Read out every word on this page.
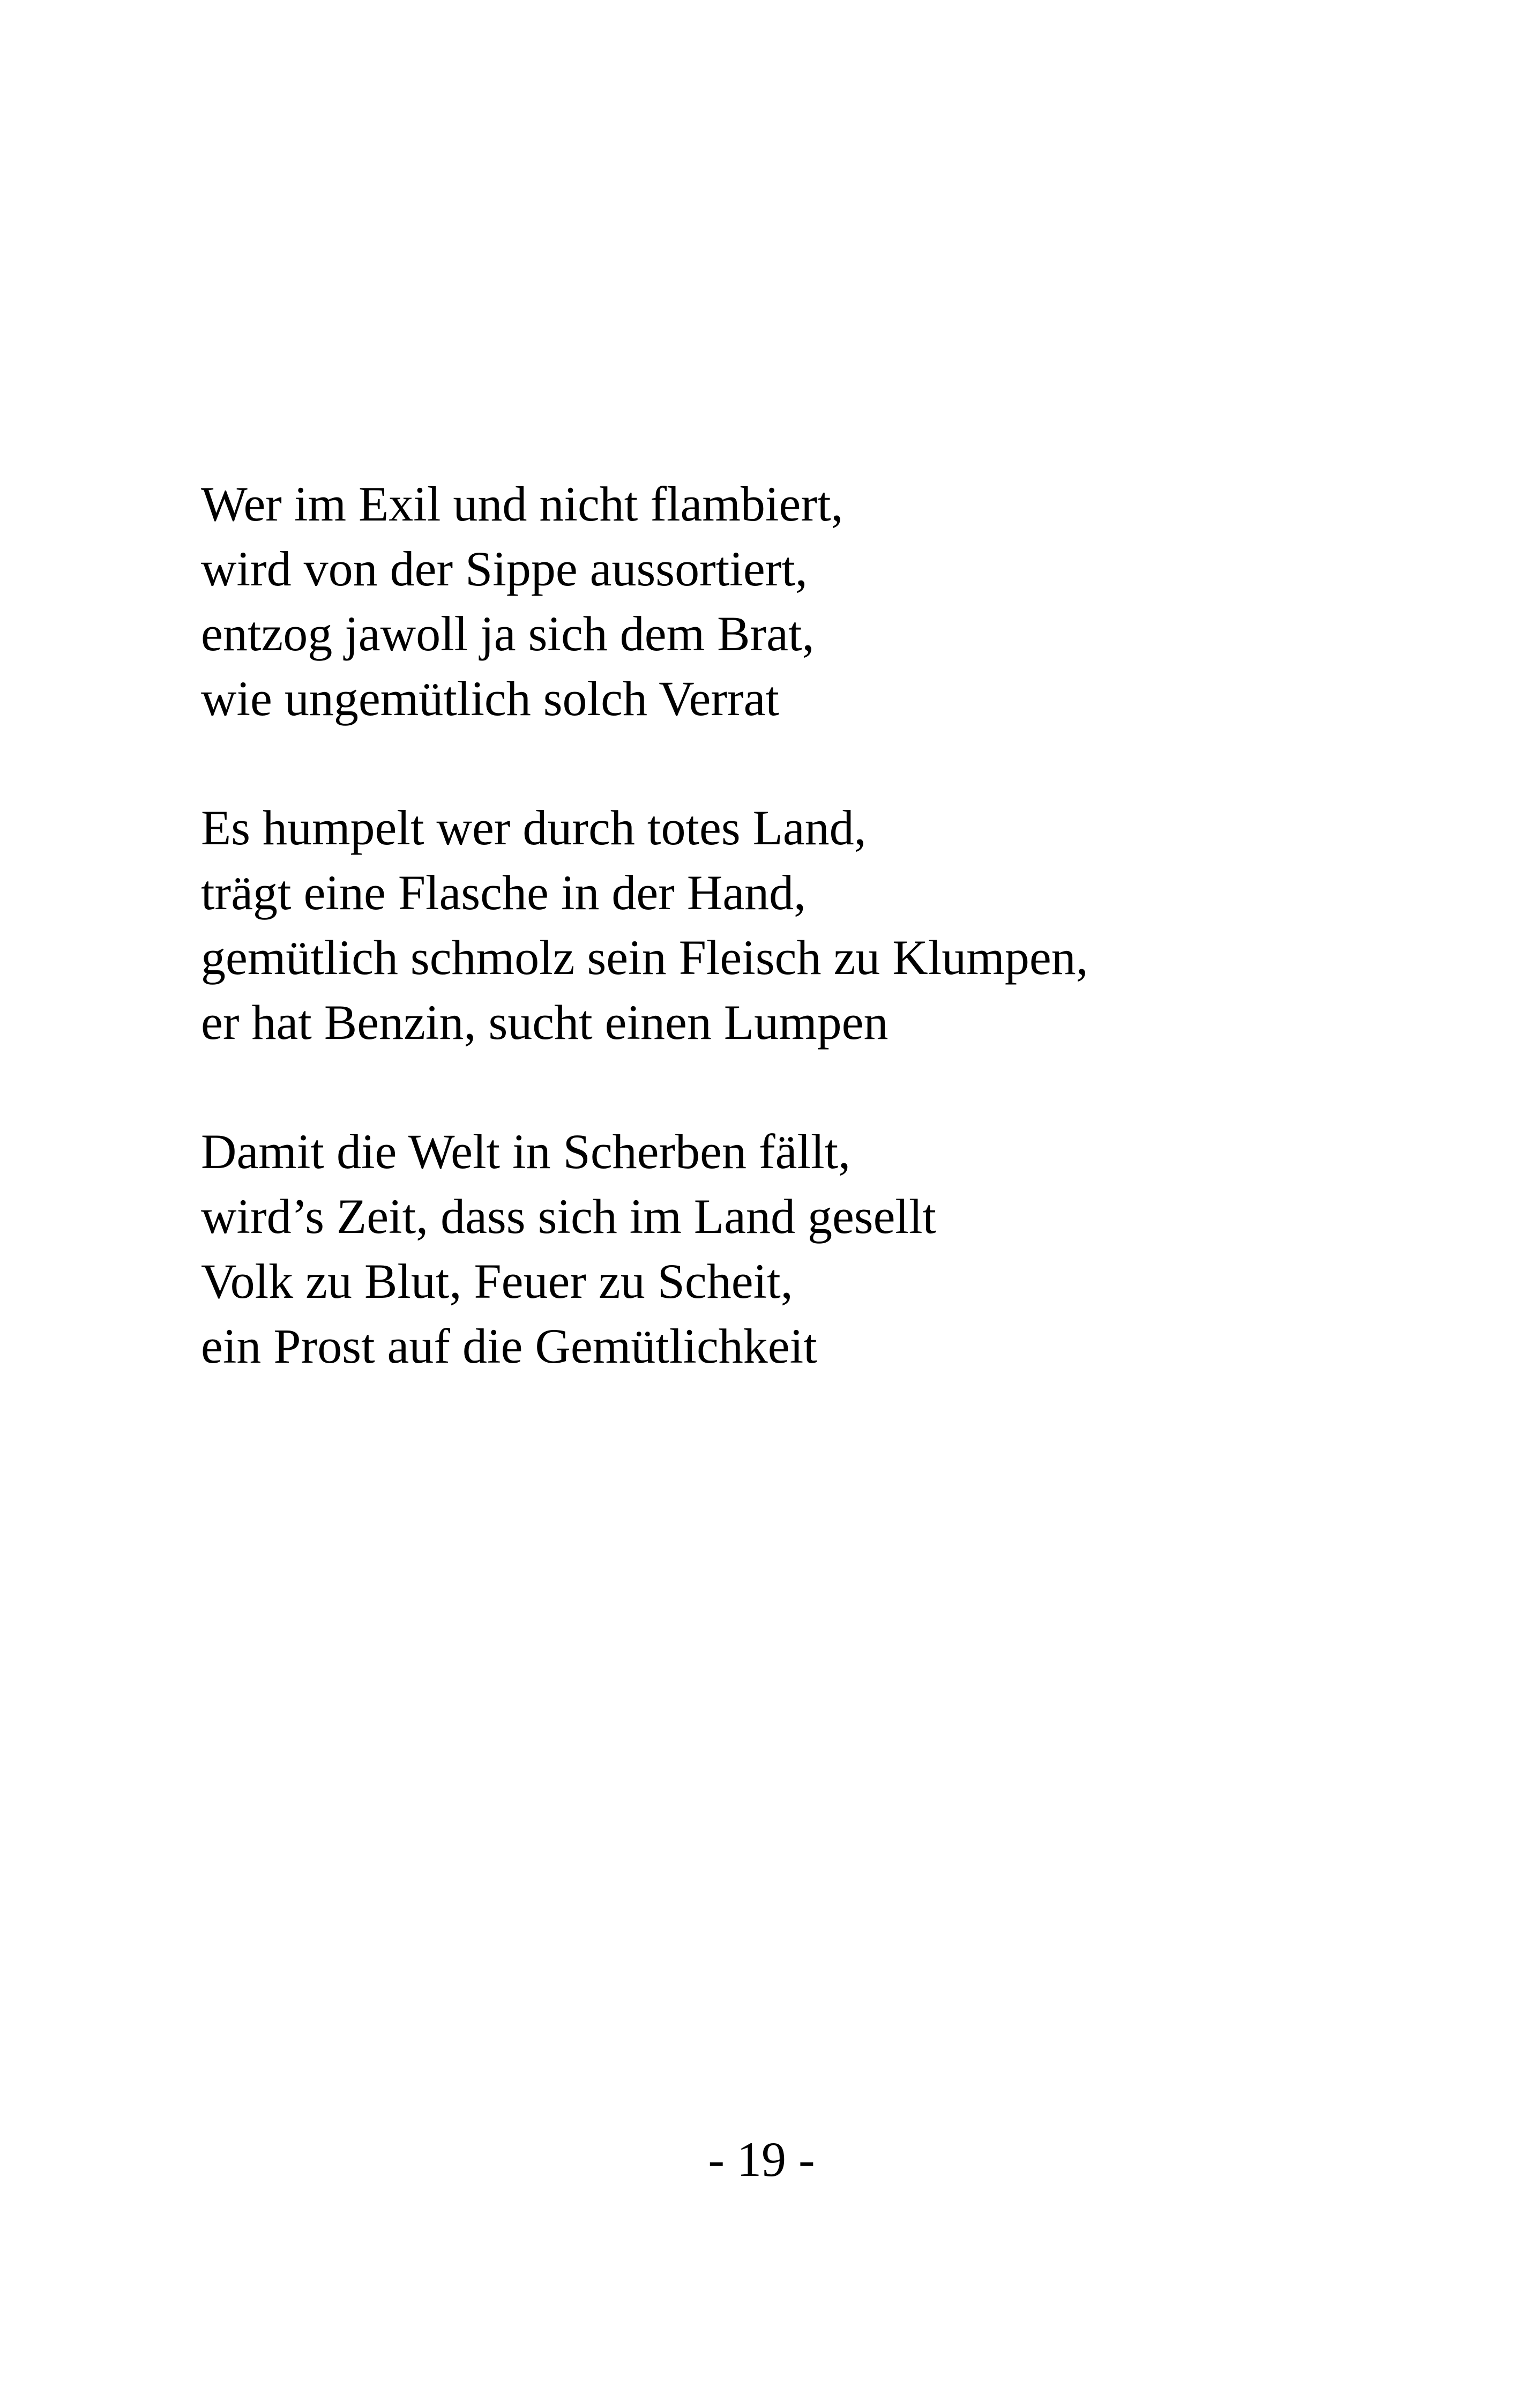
Wer im Exil und nicht flambiert,
wird von der Sippe aussortiert,
entzog jawoll ja sich dem Brat,
wie ungemütlich solch Verrat

Es humpelt wer durch totes Land,
trägt eine Flasche in der Hand,
gemütlich schmolz sein Fleisch zu Klumpen,
er hat Benzin, sucht einen Lumpen

Damit die Welt in Scherben fällt,
wird’s Zeit, dass sich im Land gesellt
Volk zu Blut, Feuer zu Scheit,
ein Prost auf die Gemütlichkeit

- 19 -
